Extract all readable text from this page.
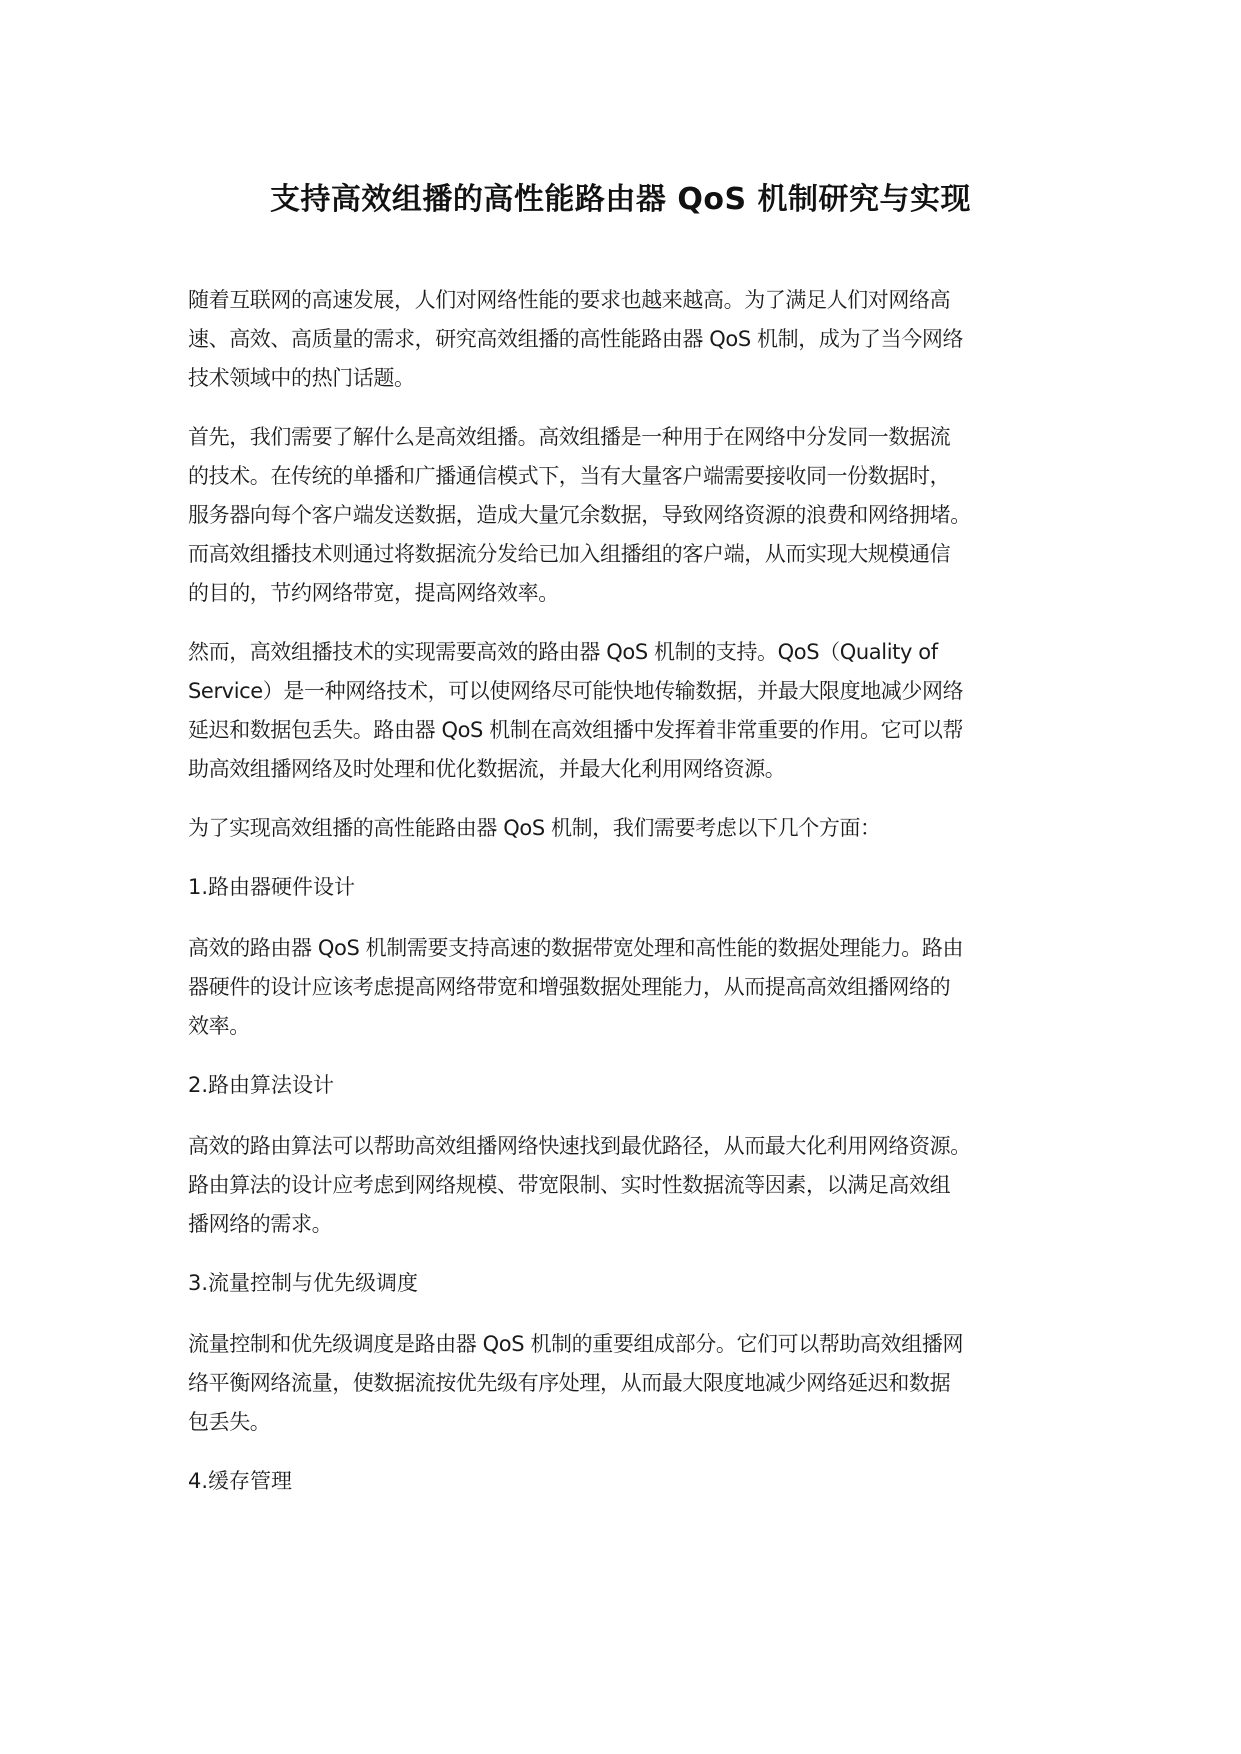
支持高效组播的高性能路由器 QoS 机制研究与实现

随着互联网的高速发展，人们对网络性能的要求也越来越高。为了满足人们对网络高
速、高效、高质量的需求，研究高效组播的高性能路由器 QoS 机制，成为了当今网络
技术领域中的热门话题。

首先，我们需要了解什么是高效组播。高效组播是一种用于在网络中分发同一数据流
的技术。在传统的单播和广播通信模式下，当有大量客户端需要接收同一份数据时，
服务器向每个客户端发送数据，造成大量冗余数据，导致网络资源的浪费和网络拥堵。
而高效组播技术则通过将数据流分发给已加入组播组的客户端，从而实现大规模通信
的目的，节约网络带宽，提高网络效率。

然而，高效组播技术的实现需要高效的路由器 QoS 机制的支持。QoS（Quality of
Service）是一种网络技术，可以使网络尽可能快地传输数据，并最大限度地减少网络
延迟和数据包丢失。路由器 QoS 机制在高效组播中发挥着非常重要的作用。它可以帮
助高效组播网络及时处理和优化数据流，并最大化利用网络资源。

为了实现高效组播的高性能路由器 QoS 机制，我们需要考虑以下几个方面：

1.路由器硬件设计

高效的路由器 QoS 机制需要支持高速的数据带宽处理和高性能的数据处理能力。路由
器硬件的设计应该考虑提高网络带宽和增强数据处理能力，从而提高高效组播网络的
效率。

2.路由算法设计

高效的路由算法可以帮助高效组播网络快速找到最优路径，从而最大化利用网络资源。
路由算法的设计应考虑到网络规模、带宽限制、实时性数据流等因素，以满足高效组
播网络的需求。

3.流量控制与优先级调度

流量控制和优先级调度是路由器 QoS 机制的重要组成部分。它们可以帮助高效组播网
络平衡网络流量，使数据流按优先级有序处理，从而最大限度地减少网络延迟和数据
包丢失。

4.缓存管理
